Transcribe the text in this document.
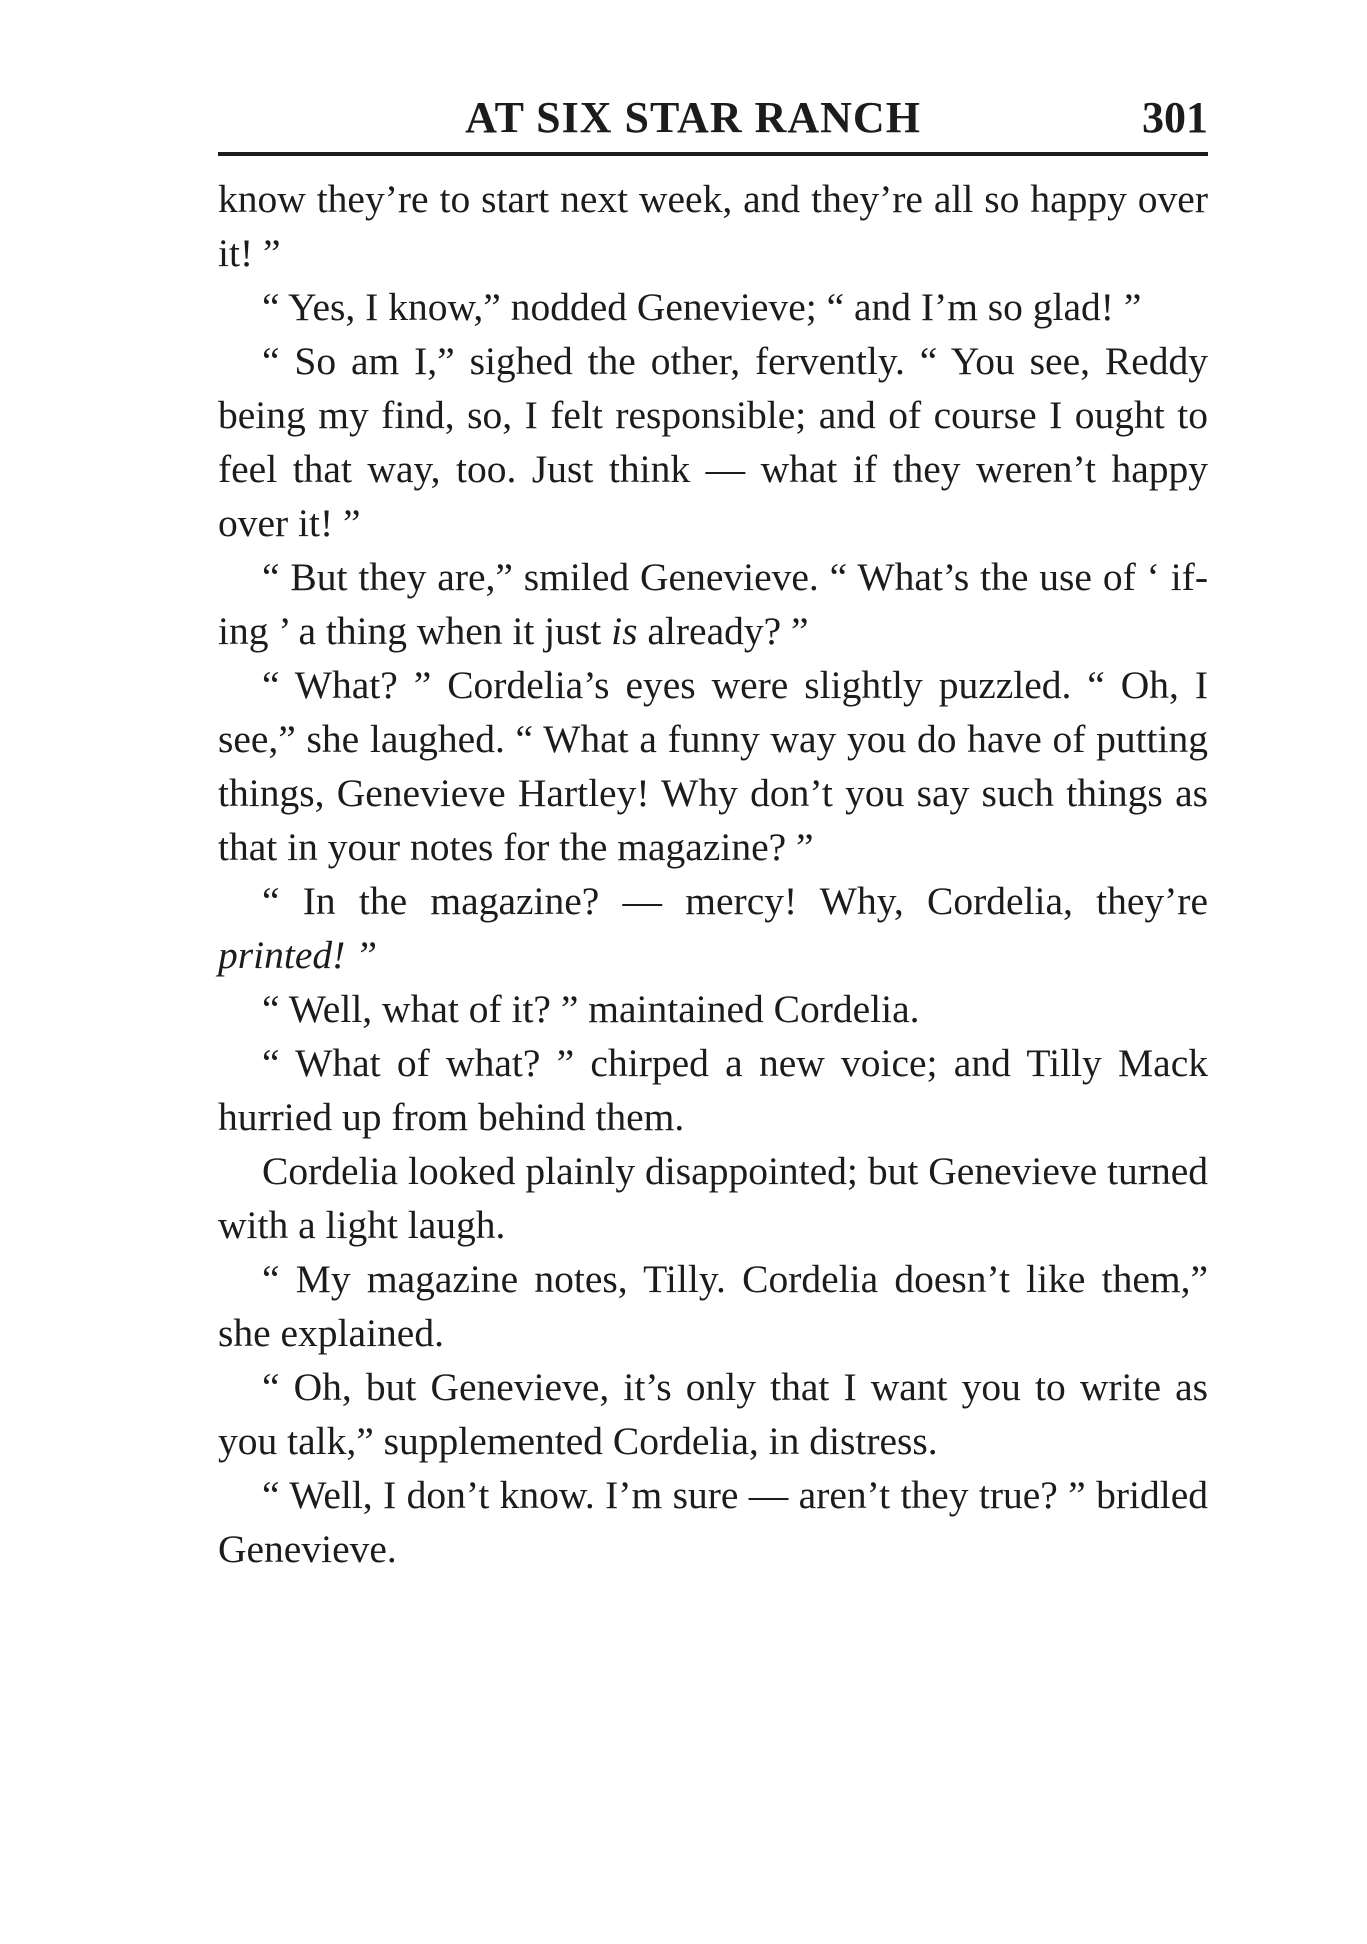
AT SIX STAR RANCH	301

know they’re to start next week, and they’re all so happy over it! ”

“ Yes, I know,” nodded Genevieve; “ and I’m so glad! ”

“ So am I,” sighed the other, fervently. “ You see, Reddy being my find, so, I felt responsible; and of course I ought to feel that way, too. Just think — what if they weren’t happy over it! ”

“ But they are,” smiled Genevieve. “ What’s the use of ‘ if-ing ’ a thing when it just is already? ”

“ What? ” Cordelia’s eyes were slightly puzzled. “ Oh, I see,” she laughed. “ What a funny way you do have of putting things, Genevieve Hartley! Why don’t you say such things as that in your notes for the magazine? ”

“ In the magazine? — mercy! Why, Cordelia, they’re printed! ”

“ Well, what of it? ” maintained Cordelia.

“ What of what? ” chirped a new voice; and Tilly Mack hurried up from behind them.

Cordelia looked plainly disappointed; but Genevieve turned with a light laugh.

“ My magazine notes, Tilly. Cordelia doesn’t like them,” she explained.

“ Oh, but Genevieve, it’s only that I want you to write as you talk,” supplemented Cordelia, in distress.

“ Well, I don’t know. I’m sure — aren’t they true? ” bridled Genevieve.
